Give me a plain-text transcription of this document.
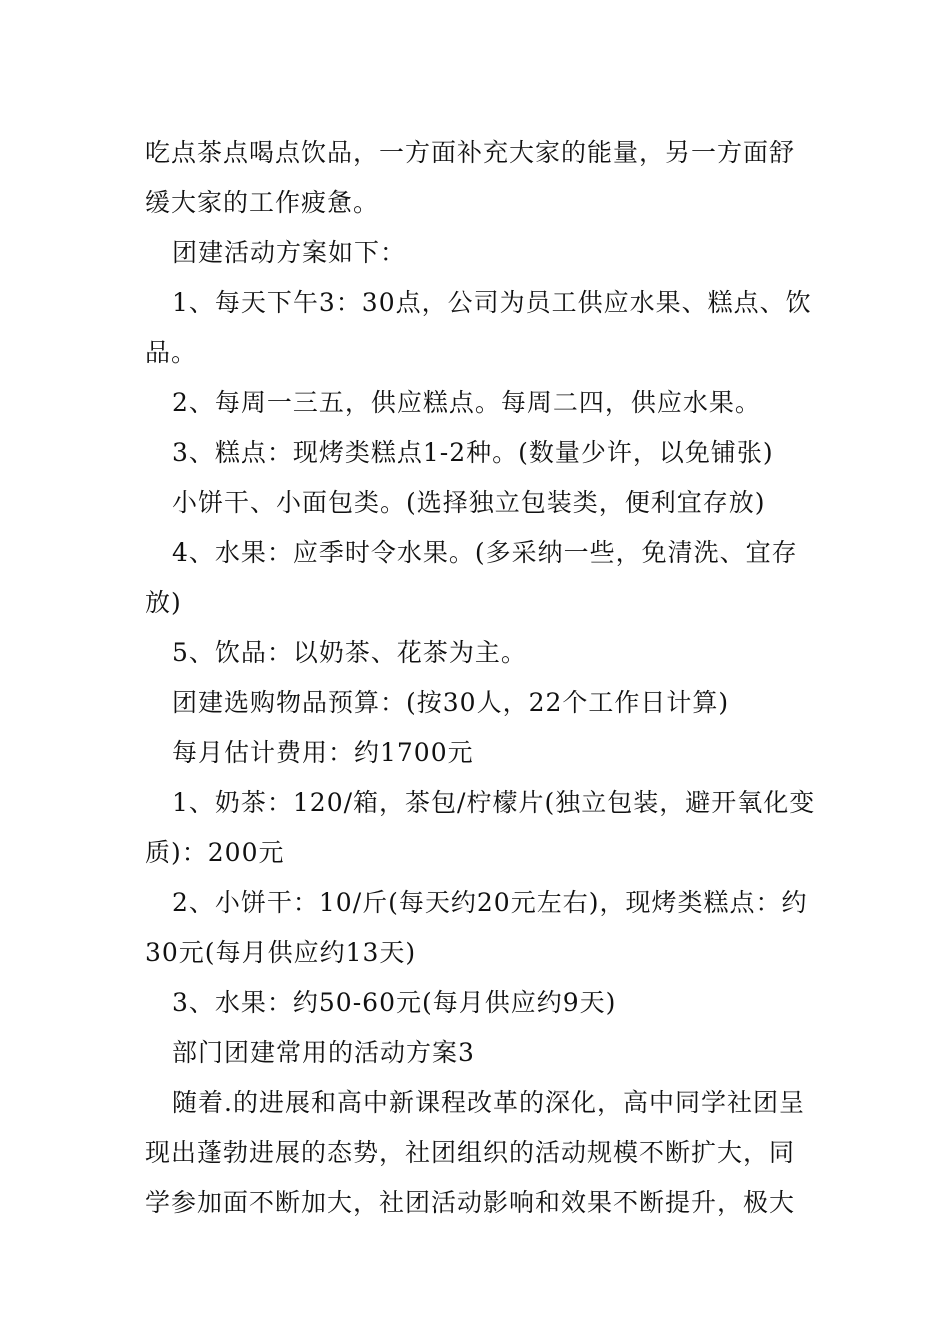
吃点茶点喝点饮品，一方面补充大家的能量，另一方面舒
缓大家的工作疲惫。
团建活动方案如下：
1、每天下午3：30点，公司为员工供应水果、糕点、饮
品。
2、每周一三五，供应糕点。每周二四，供应水果。
3、糕点：现烤类糕点1-2种。(数量少许，以免铺张)
小饼干、小面包类。(选择独立包装类，便利宜存放)
4、水果：应季时令水果。(多采纳一些，免清洗、宜存
放)
5、饮品：以奶茶、花茶为主。
团建选购物品预算：(按30人，22个工作日计算)
每月估计费用：约1700元
1、奶茶：120/箱，茶包/柠檬片(独立包装，避开氧化变
质)：200元
2、小饼干：10/斤(每天约20元左右)，现烤类糕点：约
30元(每月供应约13天)
3、水果：约50-60元(每月供应约9天)
部门团建常用的活动方案3
随着.的进展和高中新课程改革的深化，高中同学社团呈
现出蓬勃进展的态势，社团组织的活动规模不断扩大，同
学参加面不断加大，社团活动影响和效果不断提升，极大
